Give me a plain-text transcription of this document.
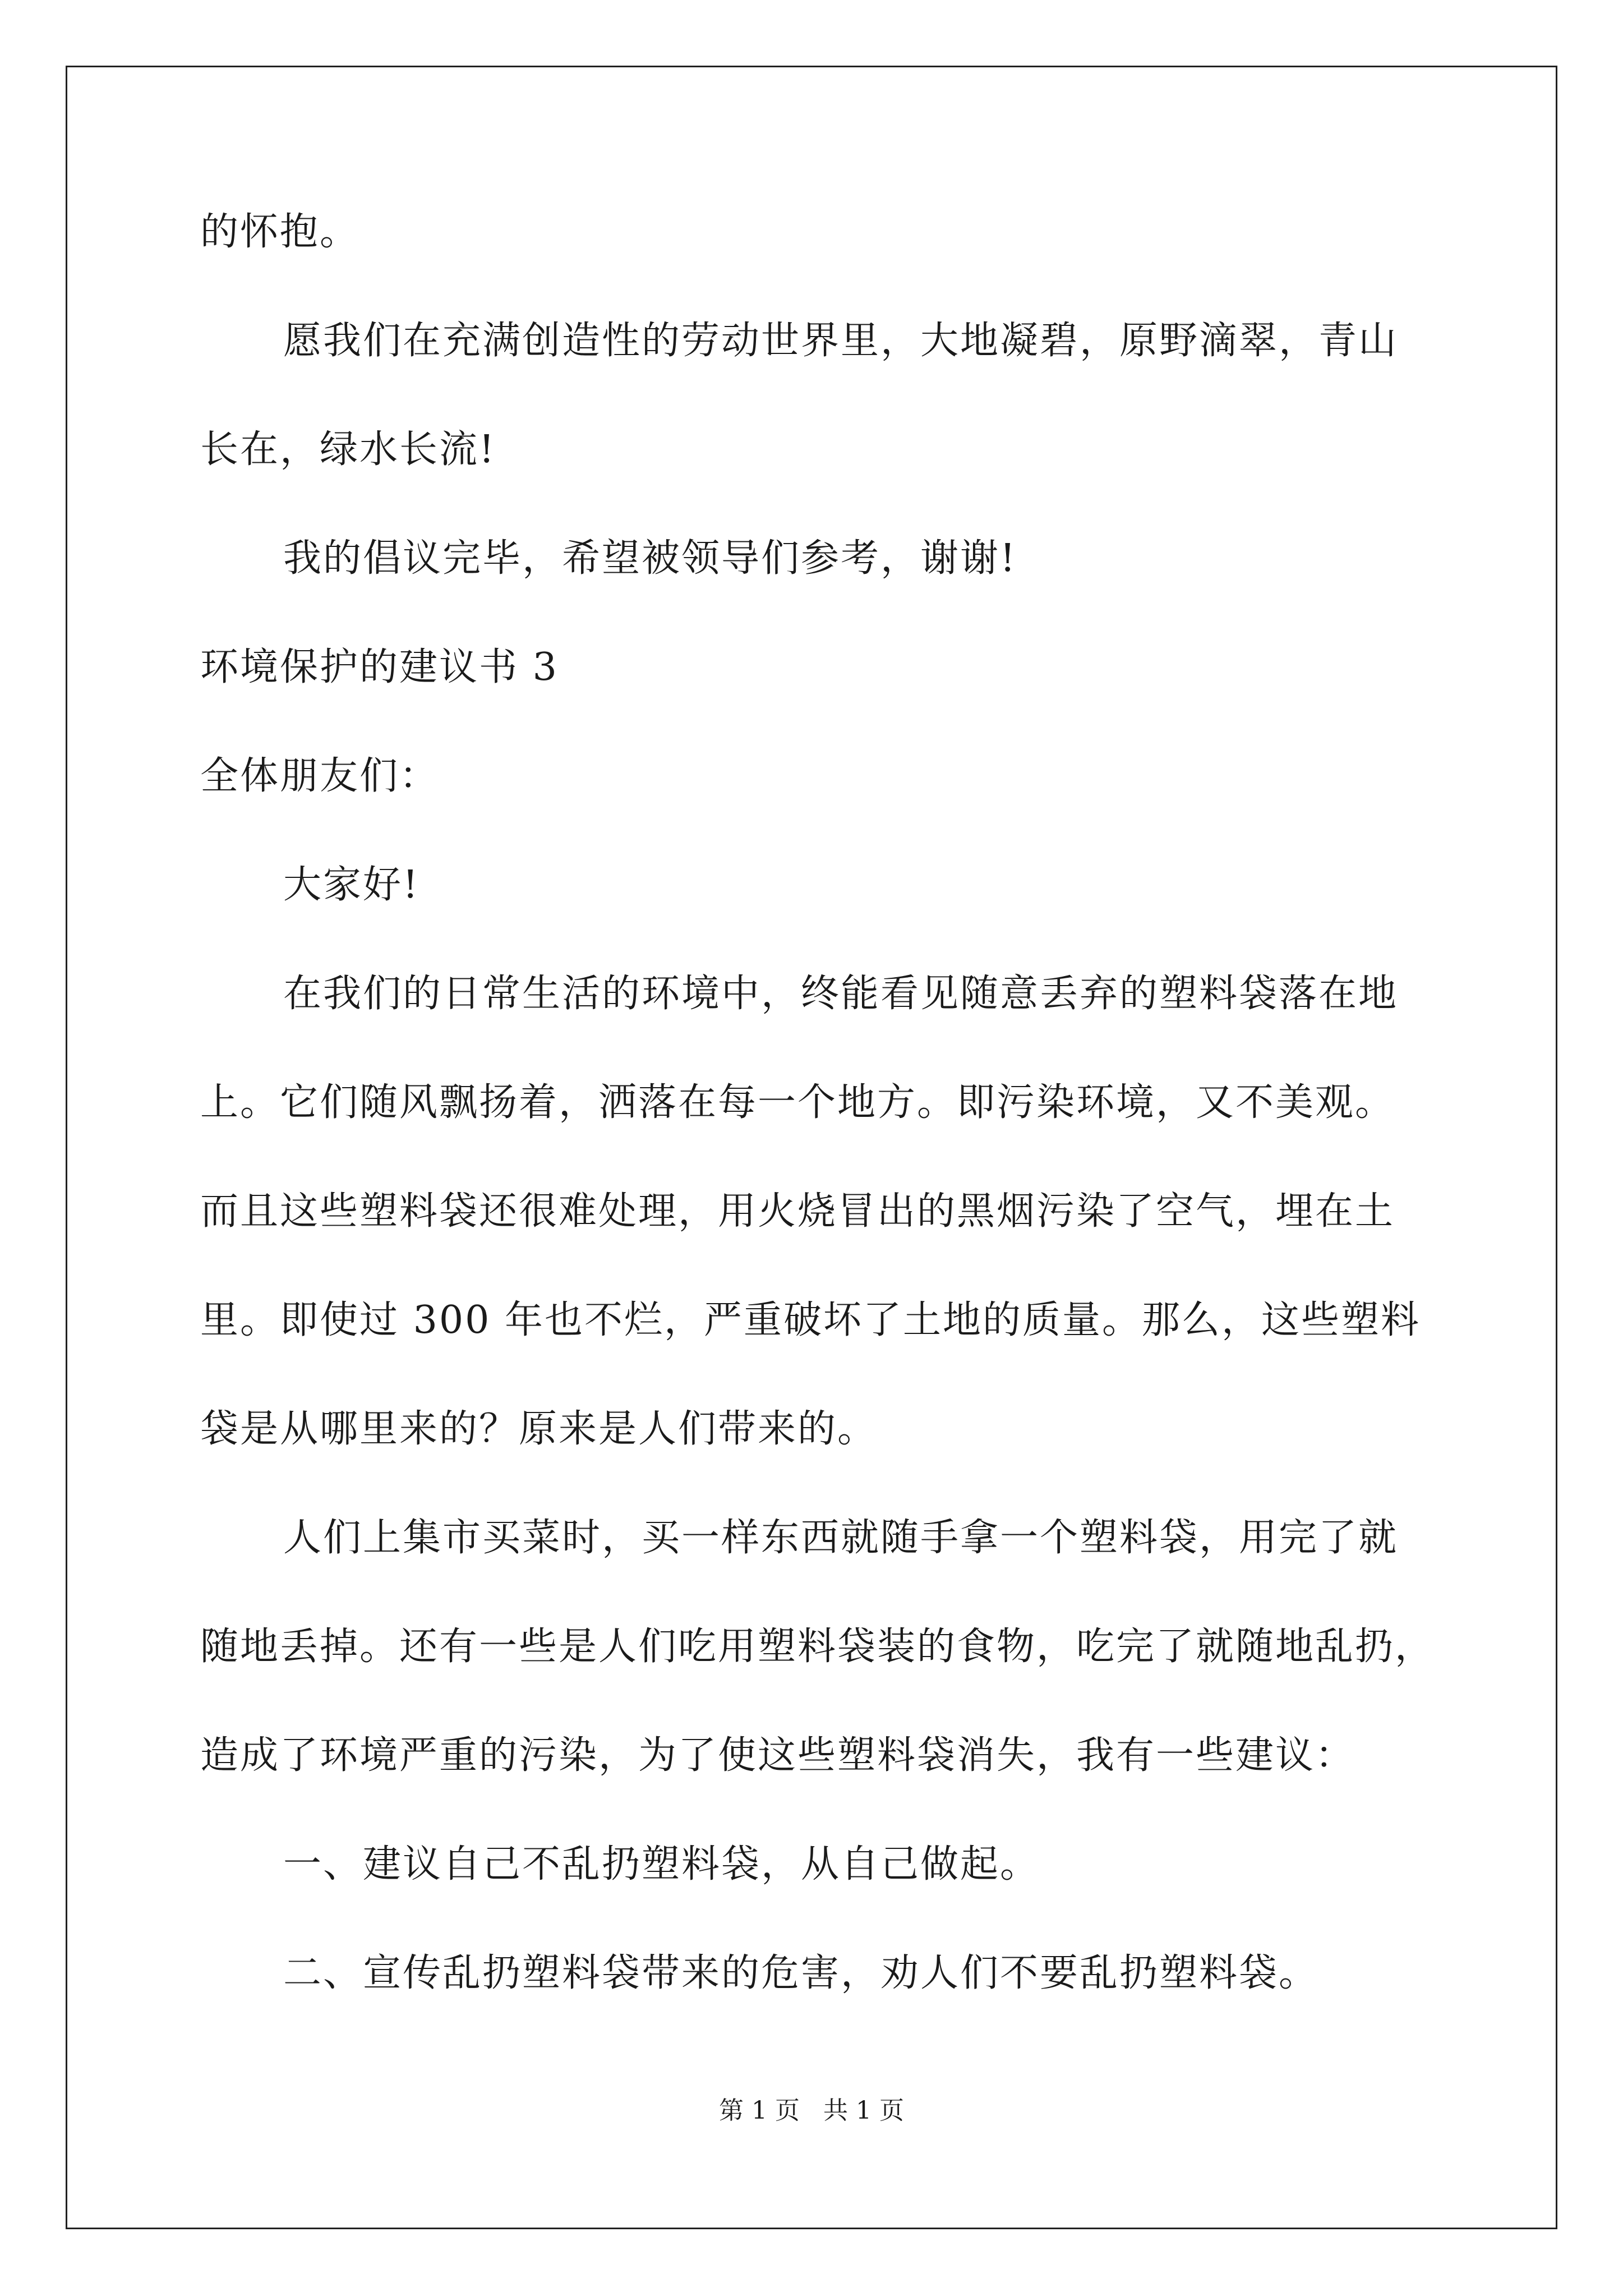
的怀抱。
愿我们在充满创造性的劳动世界里，大地凝碧，原野滴翠，青山
长在，绿水长流!
我的倡议完毕，希望被领导们参考，谢谢!
环境保护的建议书 3
全体朋友们：
大家好!
在我们的日常生活的环境中，终能看见随意丢弃的塑料袋落在地
上。它们随风飘扬着，洒落在每一个地方。即污染环境，又不美观。
而且这些塑料袋还很难处理，用火烧冒出的黑烟污染了空气，埋在土
里。即使过 300 年也不烂，严重破坏了土地的质量。那么，这些塑料
袋是从哪里来的？原来是人们带来的。
人们上集市买菜时，买一样东西就随手拿一个塑料袋，用完了就
随地丢掉。还有一些是人们吃用塑料袋装的食物，吃完了就随地乱扔，
造成了环境严重的污染，为了使这些塑料袋消失，我有一些建议：
一、建议自己不乱扔塑料袋，从自己做起。
二、宣传乱扔塑料袋带来的危害，劝人们不要乱扔塑料袋。
第 1 页   共 1 页
